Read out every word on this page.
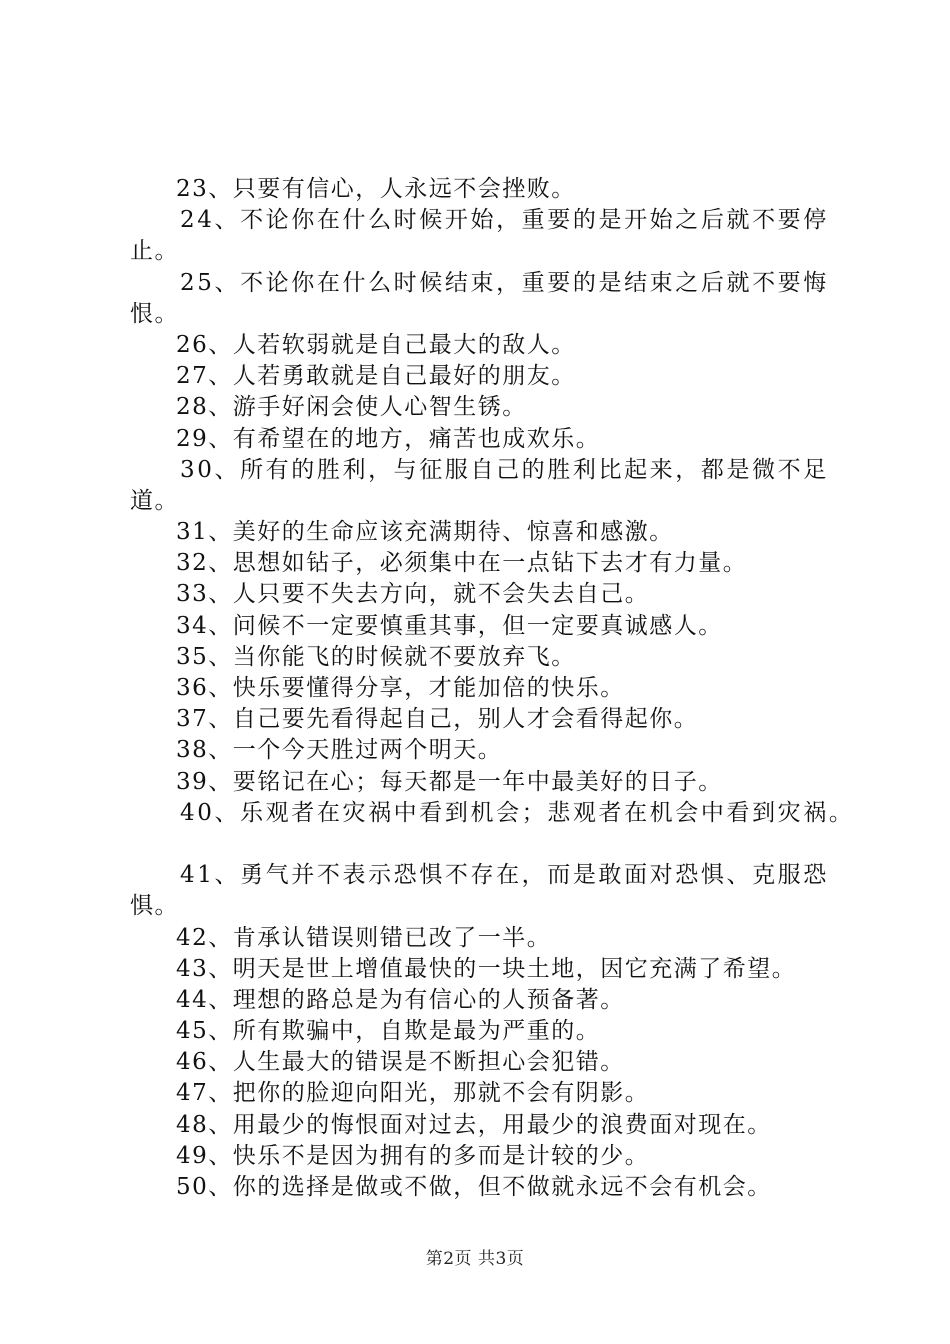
23、只要有信心，人永远不会挫败。
24、不论你在什么时候开始，重要的是开始之后就不要停
止。
25、不论你在什么时候结束，重要的是结束之后就不要悔
恨。
26、人若软弱就是自己最大的敌人。
27、人若勇敢就是自己最好的朋友。
28、游手好闲会使人心智生锈。
29、有希望在的地方，痛苦也成欢乐。
30、所有的胜利，与征服自己的胜利比起来，都是微不足
道。
31、美好的生命应该充满期待、惊喜和感激。
32、思想如钻子，必须集中在一点钻下去才有力量。
33、人只要不失去方向，就不会失去自己。
34、问候不一定要慎重其事，但一定要真诚感人。
35、当你能飞的时候就不要放弃飞。
36、快乐要懂得分享，才能加倍的快乐。
37、自己要先看得起自己，别人才会看得起你。
38、一个今天胜过两个明天。
39、要铭记在心；每天都是一年中最美好的日子。
40、乐观者在灾祸中看到机会；悲观者在机会中看到灾祸。
41、勇气并不表示恐惧不存在，而是敢面对恐惧、克服恐
惧。
42、肯承认错误则错已改了一半。
43、明天是世上增值最快的一块土地，因它充满了希望。
44、理想的路总是为有信心的人预备著。
45、所有欺骗中，自欺是最为严重的。
46、人生最大的错误是不断担心会犯错。
47、把你的脸迎向阳光，那就不会有阴影。
48、用最少的悔恨面对过去，用最少的浪费面对现在。
49、快乐不是因为拥有的多而是计较的少。
50、你的选择是做或不做，但不做就永远不会有机会。
第2页 共3页
